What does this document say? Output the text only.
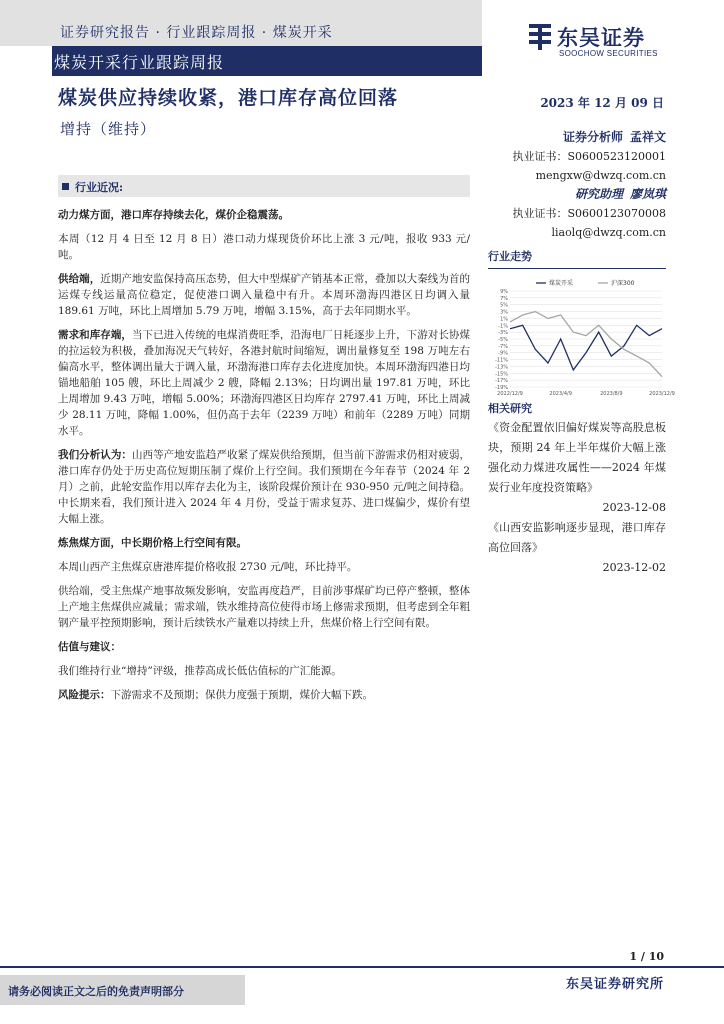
证券研究报告 · 行业跟踪周报 · 煤炭开采
煤炭开采行业跟踪周报
东吴证券
SOOCHOW SECURITIES
煤炭供应持续收紧，港口库存高位回落	2023 年 12 月 09 日
增持（维持）	证券分析师 孟祥文
执业证书：S0600523120001
mengxw@dwzq.com.cn
研究助理 廖岚琪
执业证书：S0600123070008
liaolq@dwzq.com.cn
行业近况:

动力煤方面，港口库存持续去化，煤价企稳震荡。

本周（12 月 4 日至 12 月 8 日）港口动力煤现货价环比上涨 3 元/吨，报收 933 元/吨。

供给端，近期产地安监保持高压态势，但大中型煤矿产销基本正常，叠加以大秦线为首的运煤专线运量高位稳定，促使港口调入量稳中有升。本周环渤海四港区日均调入量 189.61 万吨，环比上周增加 5.79 万吨，增幅 3.15%，高于去年同期水平。

需求和库存端，当下已进入传统的电煤消费旺季，沿海电厂日耗逐步上升，下游对长协煤的拉运较为积极，叠加海况天气转好，各港封航时间缩短，调出量修复至 198 万吨左右偏高水平，整体调出量大于调入量，环渤海港口库存去化进度加快。本周环渤海四港日均锚地船舶 105 艘，环比上周减少 2 艘，降幅 2.13%；日均调出量 197.81 万吨，环比上周增加 9.43 万吨，增幅 5.00%；环渤海四港区日均库存 2797.41 万吨，环比上周减少 28.11 万吨，降幅 1.00%，但仍高于去年（2239 万吨）和前年（2289 万吨）同期水平。

我们分析认为：山西等产地安监趋严收紧了煤炭供给预期，但当前下游需求仍相对疲弱，港口库存仍处于历史高位短期压制了煤价上行空间。我们预期在今年春节（2024 年 2 月）之前，此轮安监作用以库存去化为主，该阶段煤价预计在 930-950 元/吨之间持稳。中长期来看，我们预计进入 2024 年 4 月份，受益于需求复苏、进口煤偏少，煤价有望大幅上涨。

炼焦煤方面，中长期价格上行空间有限。

本周山西产主焦煤京唐港库提价格收报 2730 元/吨，环比持平。

供给端，受主焦煤产地事故频发影响，安监再度趋严，目前涉事煤矿均已停产整顿，整体上产地主焦煤供应减量；需求端，铁水维持高位使得市场上修需求预期，但考虑到全年粗钢产量平控预期影响，预计后续铁水产量难以持续上升，焦煤价格上行空间有限。

估值与建议：

我们维持行业“增持”评级，推荐高成长低估值标的广汇能源。

风险提示：下游需求不及预期；保供力度强于预期，煤价大幅下跌。

行业走势
9%
7%
5%
3%
1%
-1%
-3%
-5%
-7%
-9%
-11%
-13%
-15%
-17%
-19%
2022/12/9	2023/4/9	2023/8/9	2023/12/9
煤炭开采	沪深300
相关研究
《资金配置依旧偏好煤炭等高股息板块，预期 24 年上半年煤价大幅上涨强化动力煤进攻属性——2024 年煤炭行业年度投资策略》
2023-12-08
《山西安监影响逐步显现，港口库存高位回落》
2023-12-02
1 / 10
请务必阅读正文之后的免责声明部分	东吴证券研究所
